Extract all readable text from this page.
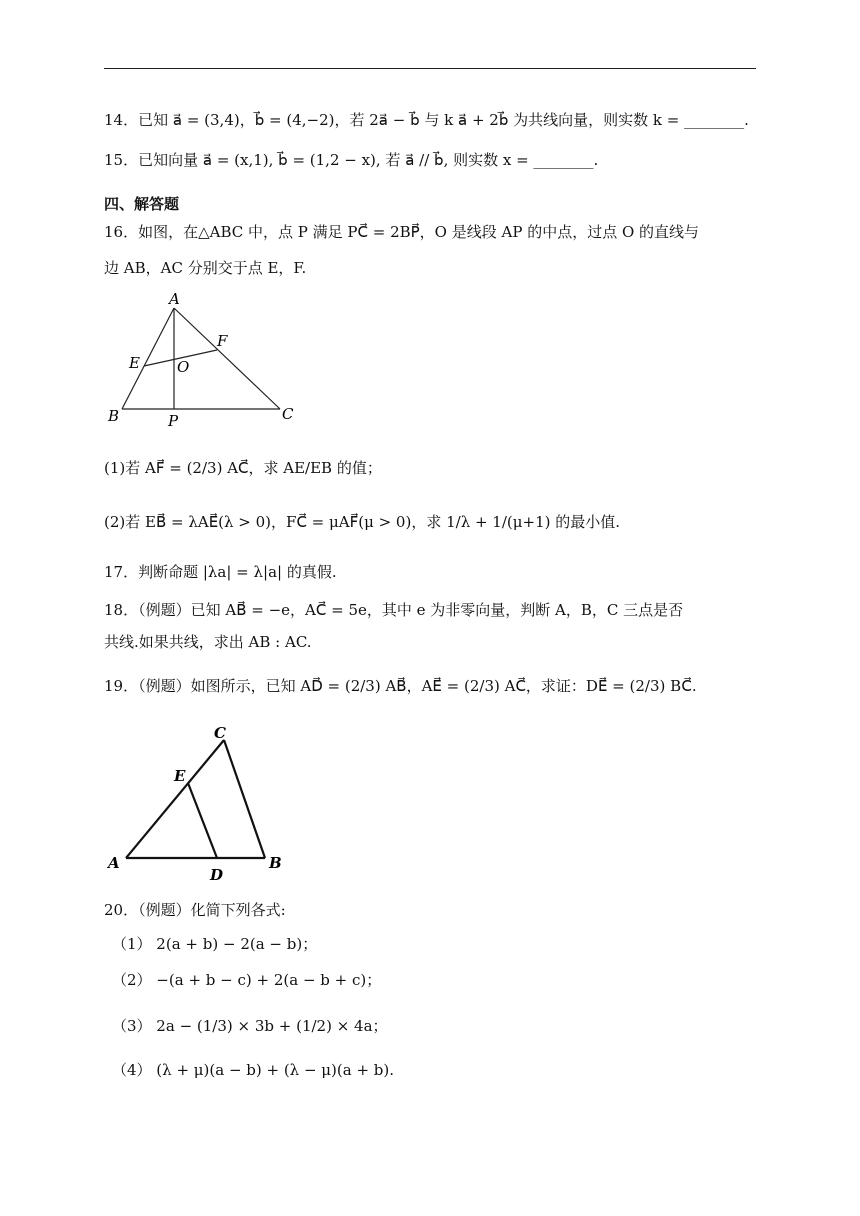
14．已知 a⃗ = (3,4)，b⃗ = (4,−2)，若 2a⃗ − b⃗ 与 k a⃗ + 2b⃗ 为共线向量，则实数 k = ________.
15．已知向量 a⃗ = (x,1), b⃗ = (1,2 − x), 若 a⃗ // b⃗, 则实数 x = ________.
四、解答题
16．如图，在△ABC 中，点 P 满足 PC⃗ = 2BP⃗，O 是线段 AP 的中点，过点 O 的直线与
边 AB，AC 分别交于点 E，F.
A
B	C
P
E
F
O
(1)若 AF⃗ = (2/3) AC⃗，求 AE/EB 的值；
(2)若 EB⃗ = λAE⃗(λ > 0)，FC⃗ = μAF⃗(μ > 0)，求 1/λ + 1/(μ+1) 的最小值.
17．判断命题 |λa| = λ|a| 的真假.
18．（例题）已知 AB⃗ = −e，AC⃗ = 5e，其中 e 为非零向量，判断 A，B，C 三点是否
共线.如果共线，求出 AB : AC.
19．（例题）如图所示，已知 AD⃗ = (2/3) AB⃗，AE⃗ = (2/3) AC⃗，求证：DE⃗ = (2/3) BC⃗.
C
E
A	B
D
20．（例题）化简下列各式:
（1） 2(a + b) − 2(a − b)；
（2） −(a + b − c) + 2(a − b + c)；
（3） 2a − (1/3) × 3b + (1/2) × 4a；
（4） (λ + μ)(a − b) + (λ − μ)(a + b).
